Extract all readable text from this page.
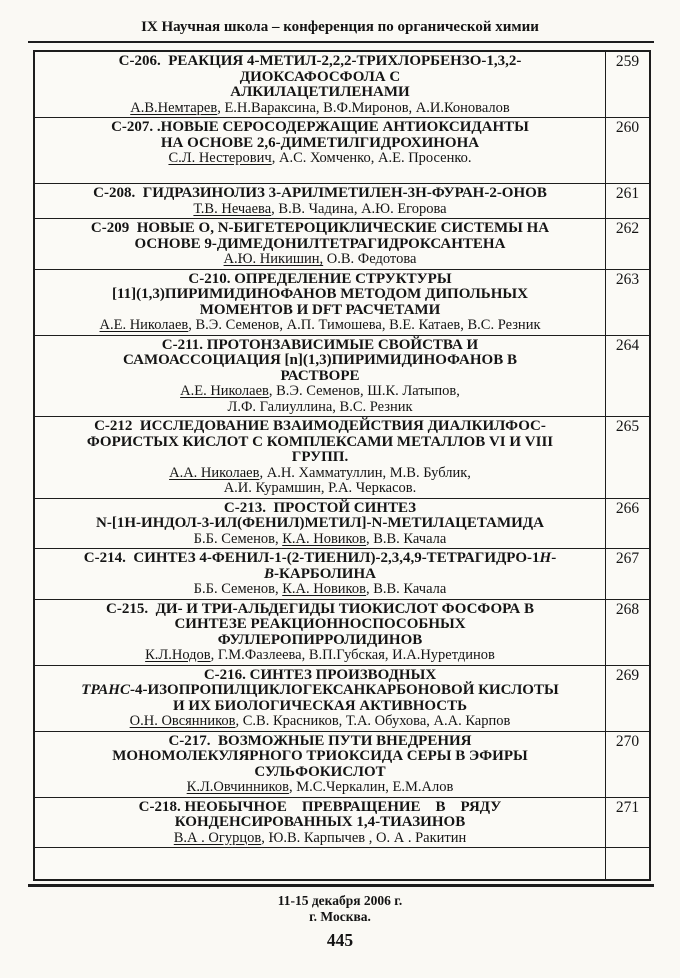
IX Научная школа – конференция по органической химии
С-206.  РЕАКЦИЯ 4-МЕТИЛ-2,2,2-ТРИХЛОРБЕНЗО-1,3,2-
ДИОКСАФОСФОЛА С
АЛКИЛАЦЕТИЛЕНАМИ
А.В.Немтарев, Е.Н.Вараксина, В.Ф.Миронов, А.И.Коновалов
259
С-207. .НОВЫЕ СЕРОСОДЕРЖАЩИЕ АНТИОКСИДАНТЫ
НА ОСНОВЕ 2,6-ДИМЕТИЛГИДРОХИНОНА
С.Л. Нестерович, А.С. Хомченко, А.Е. Просенко.
260
С-208.  ГИДРАЗИНОЛИЗ 3-АРИЛМЕТИЛЕН-3Н-ФУРАН-2-ОНОВ
Т.В. Нечаева, В.В. Чадина, А.Ю. Егорова
261
С-209  НОВЫЕ О, N-БИГЕТЕРОЦИКЛИЧЕСКИЕ СИСТЕМЫ НА
ОСНОВЕ 9-ДИМЕДОНИЛТЕТРАГИДРОКСАНТЕНА
А.Ю. Никишин, О.В. Федотова
262
С-210. ОПРЕДЕЛЕНИЕ СТРУКТУРЫ
[11](1,3)ПИРИМИДИНОФАНОВ МЕТОДОМ ДИПОЛЬНЫХ
МОМЕНТОВ И DFT РАСЧЕТАМИ
А.Е. Николаев, В.Э. Семенов, А.П. Тимошева, В.Е. Катаев, В.С. Резник
263
С-211. ПРОТОНЗАВИСИМЫЕ СВОЙСТВА И
САМОАССОЦИАЦИЯ [n](1,3)ПИРИМИДИНОФАНОВ В
РАСТВОРЕ
А.Е. Николаев, В.Э. Семенов, Ш.К. Латыпов,
Л.Ф. Галиуллина, В.С. Резник
264
С-212  ИССЛЕДОВАНИЕ ВЗАИМОДЕЙСТВИЯ ДИАЛКИЛФОС-
ФОРИСТЫХ КИСЛОТ С КОМПЛЕКСАМИ МЕТАЛЛОВ VI И VIII
ГРУПП.
А.А. Николаев, А.Н. Хамматуллин, М.В. Бублик,
А.И. Курамшин, Р.А. Черкасов.
265
С-213.  ПРОСТОЙ СИНТЕЗ
N-[1Н-ИНДОЛ-3-ИЛ(ФЕНИЛ)МЕТИЛ]-N-МЕТИЛАЦЕТАМИДА
Б.Б. Семенов, К.А. Новиков, В.В. Качала
266
С-214.  СИНТЕЗ 4-ФЕНИЛ-1-(2-ТИЕНИЛ)-2,3,4,9-ТЕТРАГИДРО-1Н-
В-КАРБОЛИНА
Б.Б. Семенов, К.А. Новиков, В.В. Качала
267
С-215.  ДИ- И ТРИ-АЛЬДЕГИДЫ ТИОКИСЛОТ ФОСФОРА В
СИНТЕЗЕ РЕАКЦИОННОСПОСОБНЫХ
ФУЛЛЕРОПИРРОЛИДИНОВ
К.Л.Нодов, Г.М.Фазлеева, В.П.Губская, И.А.Нуретдинов
268
С-216. СИНТЕЗ ПРОИЗВОДНЫХ
ТРАНС-4-ИЗОПРОПИЛЦИКЛОГЕКСАНКАРБОНОВОЙ КИСЛОТЫ
И ИХ БИОЛОГИЧЕСКАЯ АКТИВНОСТЬ
О.Н. Овсянников, С.В. Красников, Т.А. Обухова, А.А. Карпов
269
С-217.  ВОЗМОЖНЫЕ ПУТИ ВНЕДРЕНИЯ
МОНОМОЛЕКУЛЯРНОГО ТРИОКСИДА СЕРЫ В ЭФИРЫ
СУЛЬФОКИСЛОТ
К.Л.Овчинников, М.С.Черкалин, Е.М.Алов
270
С-218. НЕОБЫЧНОЕ    ПРЕВРАЩЕНИЕ    В    РЯДУ
КОНДЕНСИРОВАННЫХ 1,4-ТИАЗИНОВ
В.А . Огурцов, Ю.В. Карпычев , О. А . Ракитин
271
11-15 декабря 2006 г.
г. Москва.
445
